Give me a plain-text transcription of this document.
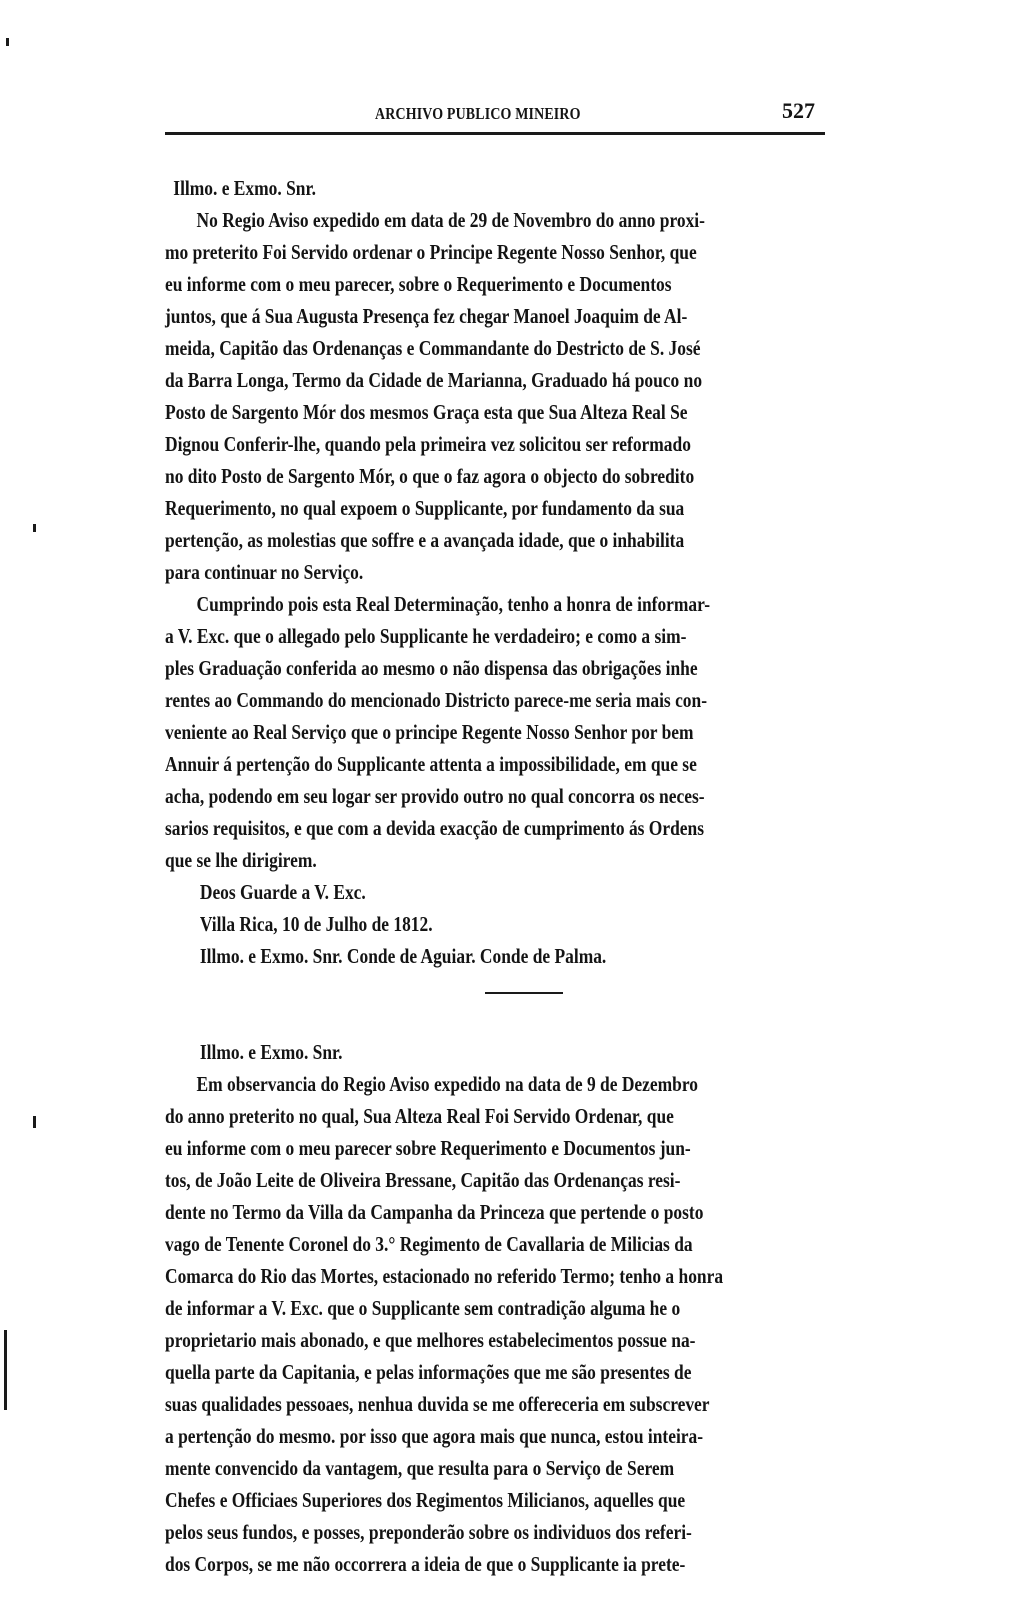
ARCHIVO PUBLICO MINEIRO	527
Illmo. e Exmo. Snr.
No Regio Aviso expedido em data de 29 de Novembro do anno proxi-
mo preterito Foi Servido ordenar o Principe Regente Nosso Senhor, que
eu informe com o meu parecer, sobre o Requerimento e Documentos
juntos, que á Sua Augusta Presença fez chegar Manoel Joaquim de Al-
meida, Capitão das Ordenanças e Commandante do Destricto de S. José
da Barra Longa, Termo da Cidade de Marianna, Graduado há pouco no
Posto de Sargento Mór dos mesmos Graça esta que Sua Alteza Real Se
Dignou Conferir-lhe, quando pela primeira vez solicitou ser reformado
no dito Posto de Sargento Mór, o que o faz agora o objecto do sobredito
Requerimento, no qual expoem o Supplicante, por fundamento da sua
pertenção, as molestias que soffre e a avançada idade, que o inhabilita
para continuar no Serviço.
Cumprindo pois esta Real Determinação, tenho a honra de informar-
a V. Exc. que o allegado pelo Supplicante he verdadeiro; e como a sim-
ples Graduação conferida ao mesmo o não dispensa das obrigações inhe
rentes ao Commando do mencionado Districto parece-me seria mais con-
veniente ao Real Serviço que o principe Regente Nosso Senhor por bem
Annuir á pertenção do Supplicante attenta a impossibilidade, em que se
acha, podendo em seu logar ser provido outro no qual concorra os neces-
sarios requisitos, e que com a devida exacção de cumprimento ás Ordens
que se lhe dirigirem.
Deos Guarde a V. Exc.
Villa Rica, 10 de Julho de 1812.
Illmo. e Exmo. Snr. Conde de Aguiar. Conde de Palma.
Illmo. e Exmo. Snr.
Em observancia do Regio Aviso expedido na data de 9 de Dezembro
do anno preterito no qual, Sua Alteza Real Foi Servido Ordenar, que
eu informe com o meu parecer sobre Requerimento e Documentos jun-
tos, de João Leite de Oliveira Bressane, Capitão das Ordenanças resi-
dente no Termo da Villa da Campanha da Princeza que pertende o posto
vago de Tenente Coronel do 3.° Regimento de Cavallaria de Milicias da
Comarca do Rio das Mortes, estacionado no referido Termo; tenho a honra
de informar a V. Exc. que o Supplicante sem contradição alguma he o
proprietario mais abonado, e que melhores estabelecimentos possue na-
quella parte da Capitania, e pelas informações que me são presentes de
suas qualidades pessoaes, nenhua duvida se me offereceria em subscrever
a pertenção do mesmo. por isso que agora mais que nunca, estou inteira-
mente convencido da vantagem, que resulta para o Serviço de Serem
Chefes e Officiaes Superiores dos Regimentos Milicianos, aquelles que
pelos seus fundos, e posses, preponderão sobre os individuos dos referi-
dos Corpos, se me não occorrera a ideia de que o Supplicante ia prete-
